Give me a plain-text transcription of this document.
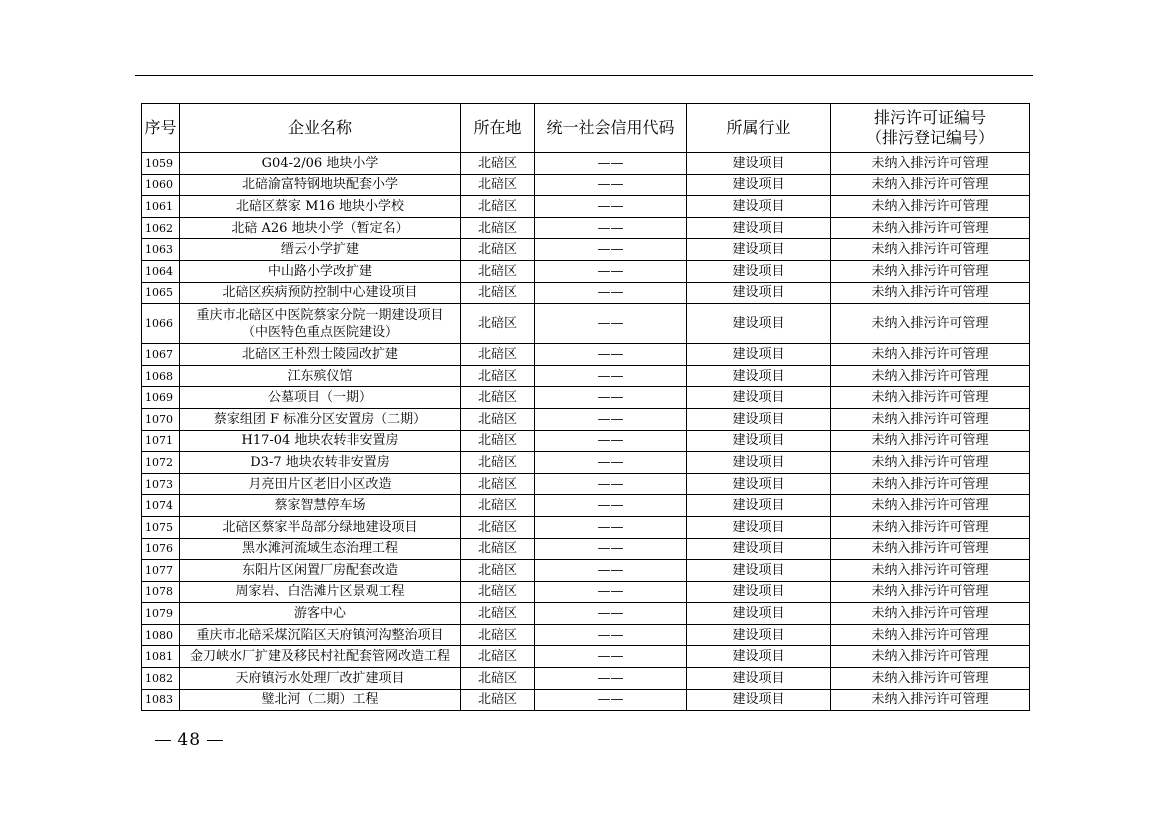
序号	企业名称	所在地	统一社会信用代码	所属行业	排污许可证编号
（排污登记编号）

1059	G04-2/06 地块小学	北碚区	——	建设项目	未纳入排污许可管理
1060	北碚渝富特钢地块配套小学	北碚区	——	建设项目	未纳入排污许可管理
1061	北碚区蔡家 M16 地块小学校	北碚区	——	建设项目	未纳入排污许可管理
1062	北碚 A26 地块小学（暂定名）	北碚区	——	建设项目	未纳入排污许可管理
1063	缙云小学扩建	北碚区	——	建设项目	未纳入排污许可管理
1064	中山路小学改扩建	北碚区	——	建设项目	未纳入排污许可管理
1065	北碚区疾病预防控制中心建设项目	北碚区	——	建设项目	未纳入排污许可管理
1066	重庆市北碚区中医院蔡家分院一期建设项目
（中医特色重点医院建设）	北碚区	——	建设项目	未纳入排污许可管理
1067	北碚区王朴烈士陵园改扩建	北碚区	——	建设项目	未纳入排污许可管理
1068	江东殡仪馆	北碚区	——	建设项目	未纳入排污许可管理
1069	公墓项目（一期）	北碚区	——	建设项目	未纳入排污许可管理
1070	蔡家组团 F 标准分区安置房（二期）	北碚区	——	建设项目	未纳入排污许可管理
1071	H17-04 地块农转非安置房	北碚区	——	建设项目	未纳入排污许可管理
1072	D3-7 地块农转非安置房	北碚区	——	建设项目	未纳入排污许可管理
1073	月亮田片区老旧小区改造	北碚区	——	建设项目	未纳入排污许可管理
1074	蔡家智慧停车场	北碚区	——	建设项目	未纳入排污许可管理
1075	北碚区蔡家半岛部分绿地建设项目	北碚区	——	建设项目	未纳入排污许可管理
1076	黑水滩河流域生态治理工程	北碚区	——	建设项目	未纳入排污许可管理
1077	东阳片区闲置厂房配套改造	北碚区	——	建设项目	未纳入排污许可管理
1078	周家岩、白浩滩片区景观工程	北碚区	——	建设项目	未纳入排污许可管理
1079	游客中心	北碚区	——	建设项目	未纳入排污许可管理
1080	重庆市北碚采煤沉陷区天府镇河沟整治项目	北碚区	——	建设项目	未纳入排污许可管理
1081	金刀峡水厂扩建及移民村社配套管网改造工程	北碚区	——	建设项目	未纳入排污许可管理
1082	天府镇污水处理厂改扩建项目	北碚区	——	建设项目	未纳入排污许可管理
1083	璧北河（二期）工程	北碚区	——	建设项目	未纳入排污许可管理
48
